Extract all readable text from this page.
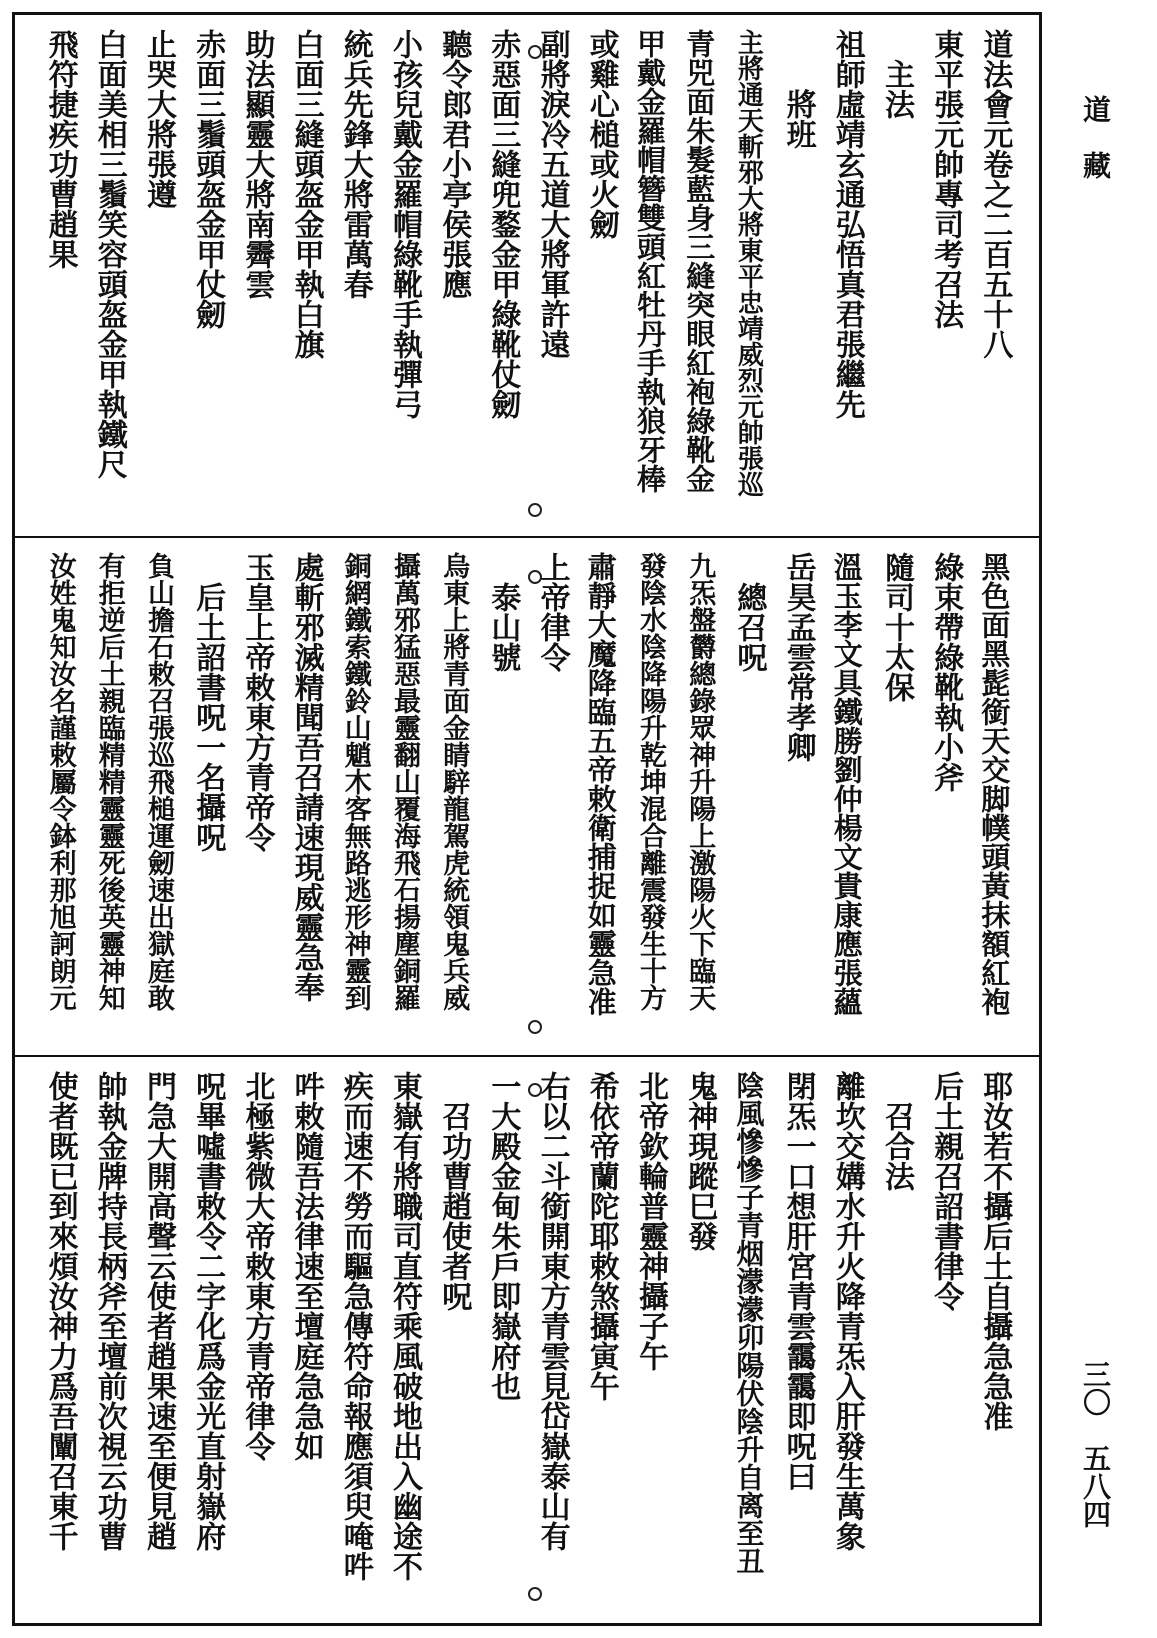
道　藏
三〇　五八四
道法會元卷之二百五十八
東平張元帥專司考召法
　主法
祖師虛靖玄通弘悟真君張繼先
　　將班
主將通天斬邪大將東平忠靖威烈元帥張巡
青兕面朱髮藍身三縫突眼紅袍綠靴金
甲戴金羅帽簪雙頭紅牡丹手執狼牙棒
或雞心槌或火劒
副將淚冷五道大將軍許遠
赤惡面三縫兜鍪金甲綠靴仗劒
聽令郎君小亭侯張應
小孩兒戴金羅帽綠靴手執彈弓
統兵先鋒大將雷萬春
白面三縫頭盔金甲執白旗
助法顯靈大將南霽雲
赤面三鬚頭盔金甲仗劒
止哭大將張遵
白面美相三鬚笑容頭盔金甲執鐵尺
飛符捷疾功曹趙果
黑色面黑髭銜天交脚幞頭黃抹額紅袍
綠束帶綠靴執小斧
隨司十太保
溫玉李文具鐵勝劉仲楊文貴康應張蘊
岳昊孟雲常孝卿
　總召呪
九炁盤欝總錄眾神升陽上激陽火下臨天
發陰水陰降陽升乾坤混合離震發生十方
肅靜大魔降臨五帝敕衛捕捉如靈急准
上帝律令
　泰山號
烏東上將青面金睛騂龍駕虎統領鬼兵威
攝萬邪猛惡最靈翻山覆海飛石揚塵銅羅
銅網鐵索鐵鈴山魈木客無路逃形神靈到
處斬邪滅精聞吾召請速現威靈急奉
玉皇上帝敕東方青帝令
　后土詔書呪一名攝呪
負山擔石敕召張巡飛槌運劒速出獄庭敢
有拒逆后土親臨精精靈靈死後英靈神知
汝姓鬼知汝名謹敕屬令鉢利那旭訶朗元
耶汝若不攝后土自攝急急准
后土親召詔書律令
　召合法
離坎交媾水升火降青炁入肝發生萬象
閉炁一口想肝宮青雲靄靄即呪曰
陰風慘慘子青烟濛濛卯陽伏陰升自离至丑
鬼神現蹤巳發
北帝欽輪普靈神攝子午
希依帝蘭陀耶敕煞攝寅午
右以二斗銜開東方青雲見岱嶽泰山有
一大殿金甸朱戶即嶽府也
　召功曹趙使者呪
東嶽有將職司直符乘風破地出入幽途不
疾而速不勞而驅急傳符命報應須臾唵吽
吽敕隨吾法律速至壇庭急急如
北極紫微大帝敕東方青帝律令
呪畢噓書敕令二字化爲金光直射嶽府
門急大開高聲云使者趙果速至便見趙
帥執金牌持長柄斧至壇前次視云功曹
使者既已到來煩汝神力爲吾闡召東千
